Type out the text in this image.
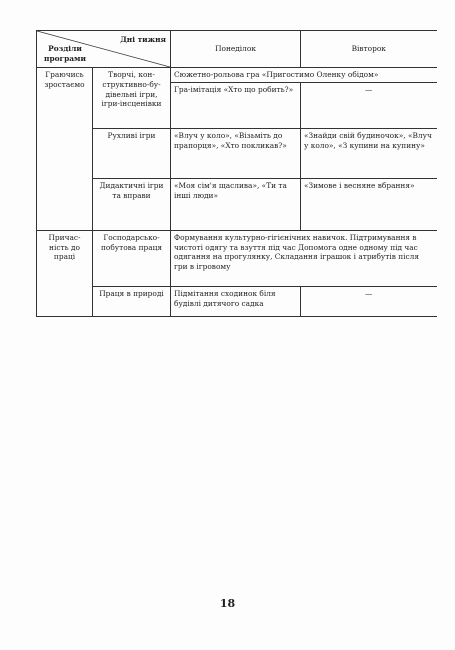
Дні тижня
Розділи програми		Понеділок	Вівторок
Граючись зростаємо	Творчі, кон-структивно-бу-дівельні ігри, ігри-інсценівки	Сюжетно-рольова гра «Пригостимо Оленку обідом»	
		Гра-імітація «Хто що робить?»	—
	Рухливі ігри	«Влуч у коло», «Візьміть до прапорця», «Хто покликав?»	«Знайди свій будиночок», «Влуч у коло», «З купини на купину»
	Дидактичні ігри та вправи	«Моя сім'я щаслива», «Ти та інші люди»	«Зимове і весняне вбрання»
Причас-ність до праці	Господарсько-побутова праця	Формування культурно-гігієнічних навичок. Підтримування в чистоті одягу та взуття під час Допомога одне одному під час одягання на прогулянку, Складання іграшок і атрибутів після гри в ігровому	
	Праця в природі	Підмітання сходинок біля будівлі дитячого садка	—
18
